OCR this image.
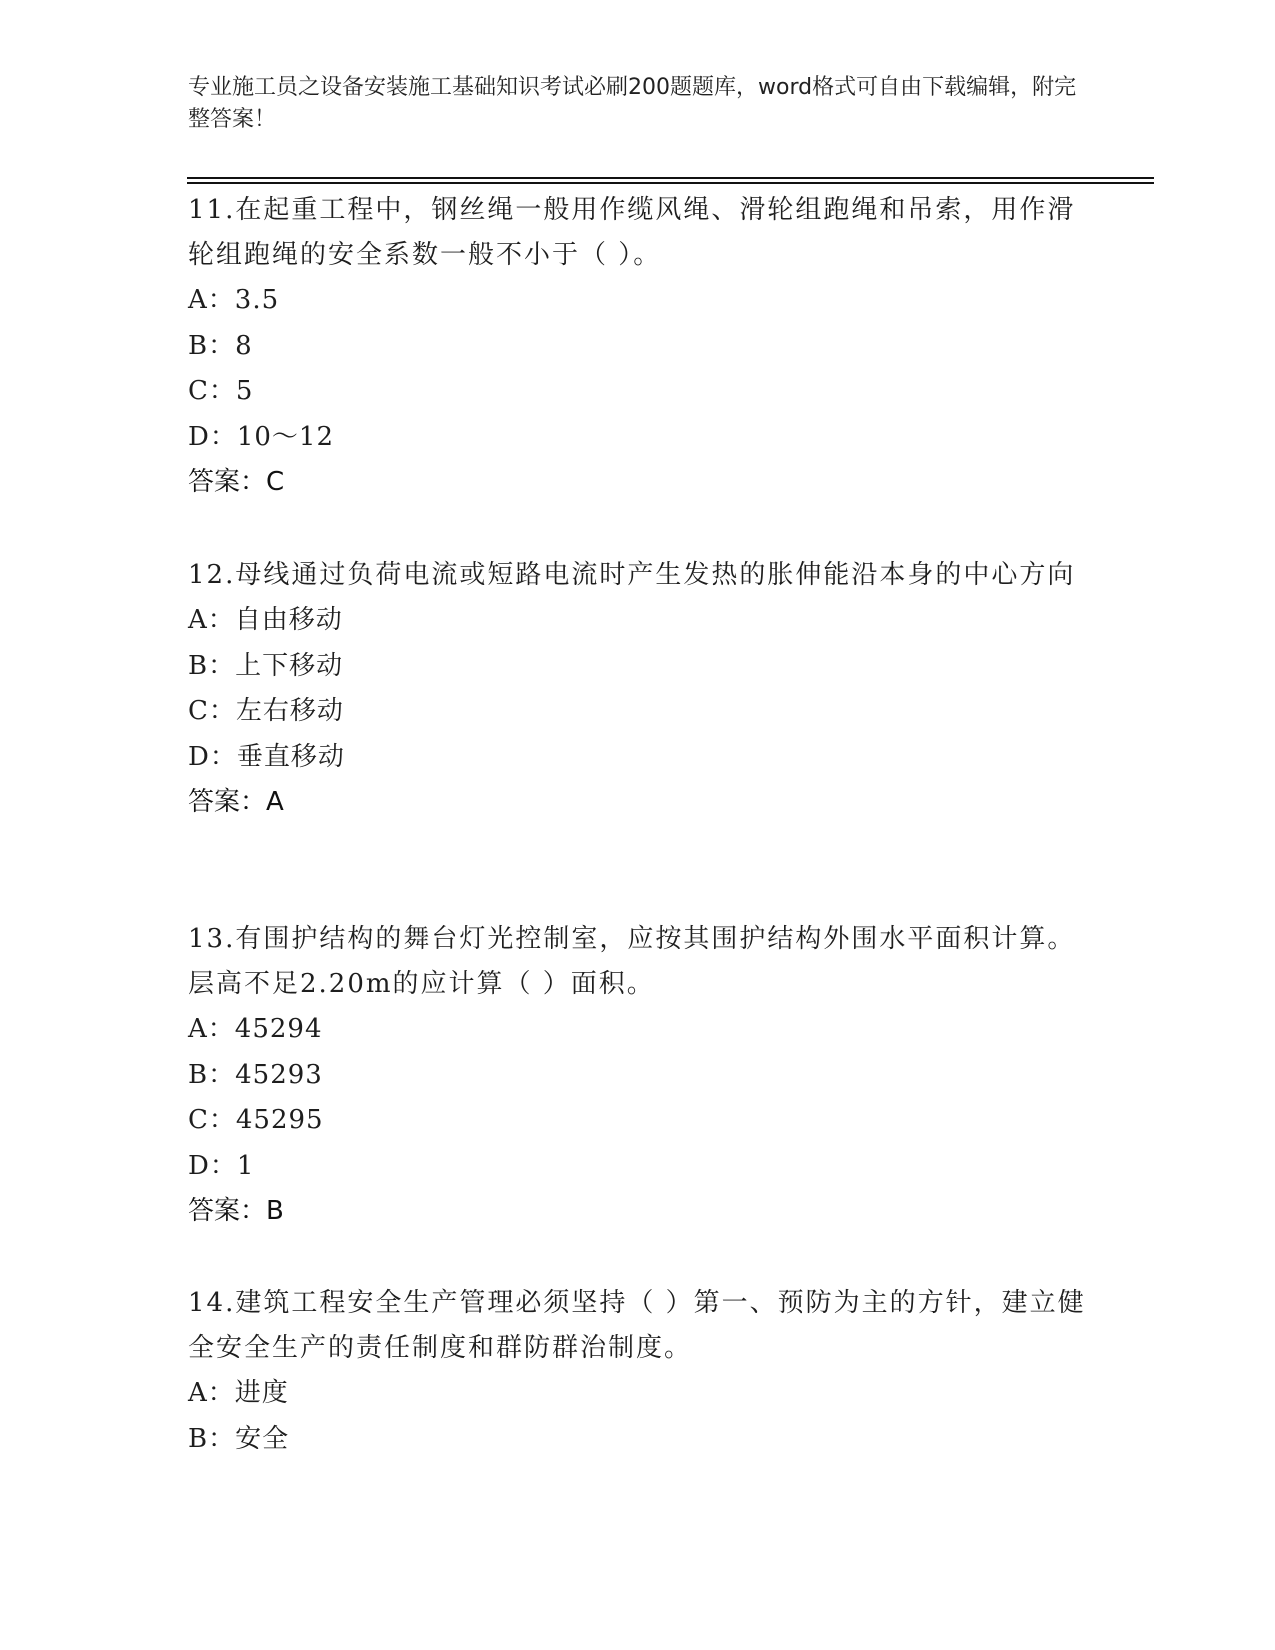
专业施工员之设备安装施工基础知识考试必刷200题题库，word格式可自由下载编辑，附完整答案！

11.在起重工程中，钢丝绳一般用作缆风绳、滑轮组跑绳和吊索，用作滑轮组跑绳的安全系数一般不小于（ ）。

A：3.5

B：8

C：5

D：10～12

答案：C

12.母线通过负荷电流或短路电流时产生发热的胀伸能沿本身的中心方向

A：自由移动

B：上下移动

C：左右移动

D：垂直移动

答案：A

13.有围护结构的舞台灯光控制室，应按其围护结构外围水平面积计算。层高不足2.20m的应计算（ ）面积。

A：45294

B：45293

C：45295

D：1

答案：B

14.建筑工程安全生产管理必须坚持（ ）第一、预防为主的方针，建立健全安全生产的责任制度和群防群治制度。

A：进度

B：安全
